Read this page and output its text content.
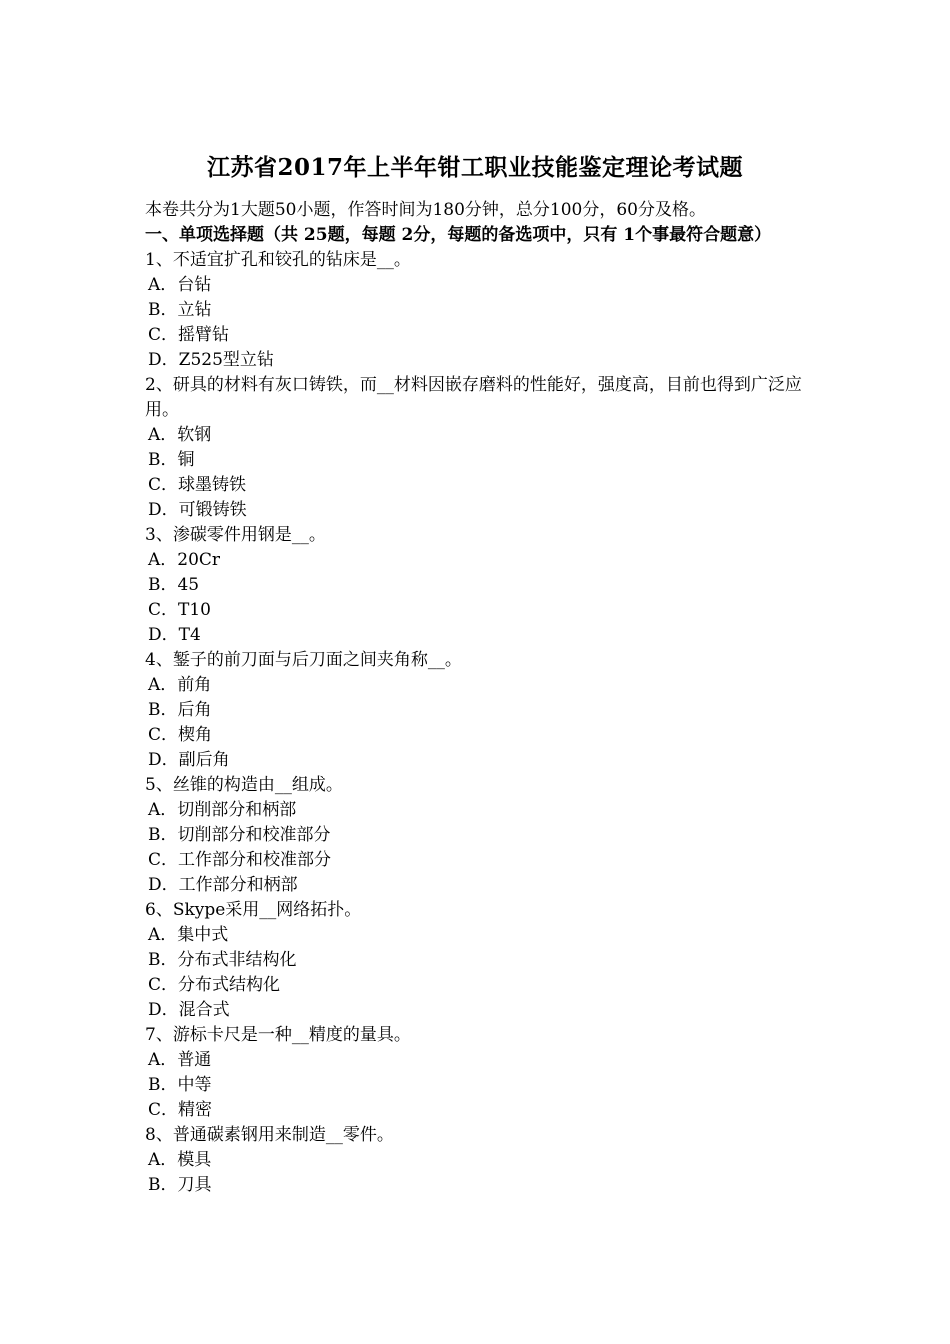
江苏省2017年上半年钳工职业技能鉴定理论考试题
本卷共分为1大题50小题，作答时间为180分钟，总分100分，60分及格。
一、单项选择题（共 25题，每题 2分，每题的备选项中，只有 1个事最符合题意）
1、不适宜扩孔和铰孔的钻床是__。
A．台钻
B．立钻
C．摇臂钻
D．Z525型立钻
2、研具的材料有灰口铸铁，而__材料因嵌存磨料的性能好，强度高，目前也得到广泛应用。
A．软钢
B．铜
C．球墨铸铁
D．可锻铸铁
3、渗碳零件用钢是__。
A．20Cr
B．45
C．T10
D．T4
4、錾子的前刀面与后刀面之间夹角称__。
A．前角
B．后角
C．楔角
D．副后角
5、丝锥的构造由__组成。
A．切削部分和柄部
B．切削部分和校准部分
C．工作部分和校准部分
D．工作部分和柄部
6、Skype采用__网络拓扑。
A．集中式
B．分布式非结构化
C．分布式结构化
D．混合式
7、游标卡尺是一种__精度的量具。
A．普通
B．中等
C．精密
8、普通碳素钢用来制造__零件。
A．模具
B．刀具
